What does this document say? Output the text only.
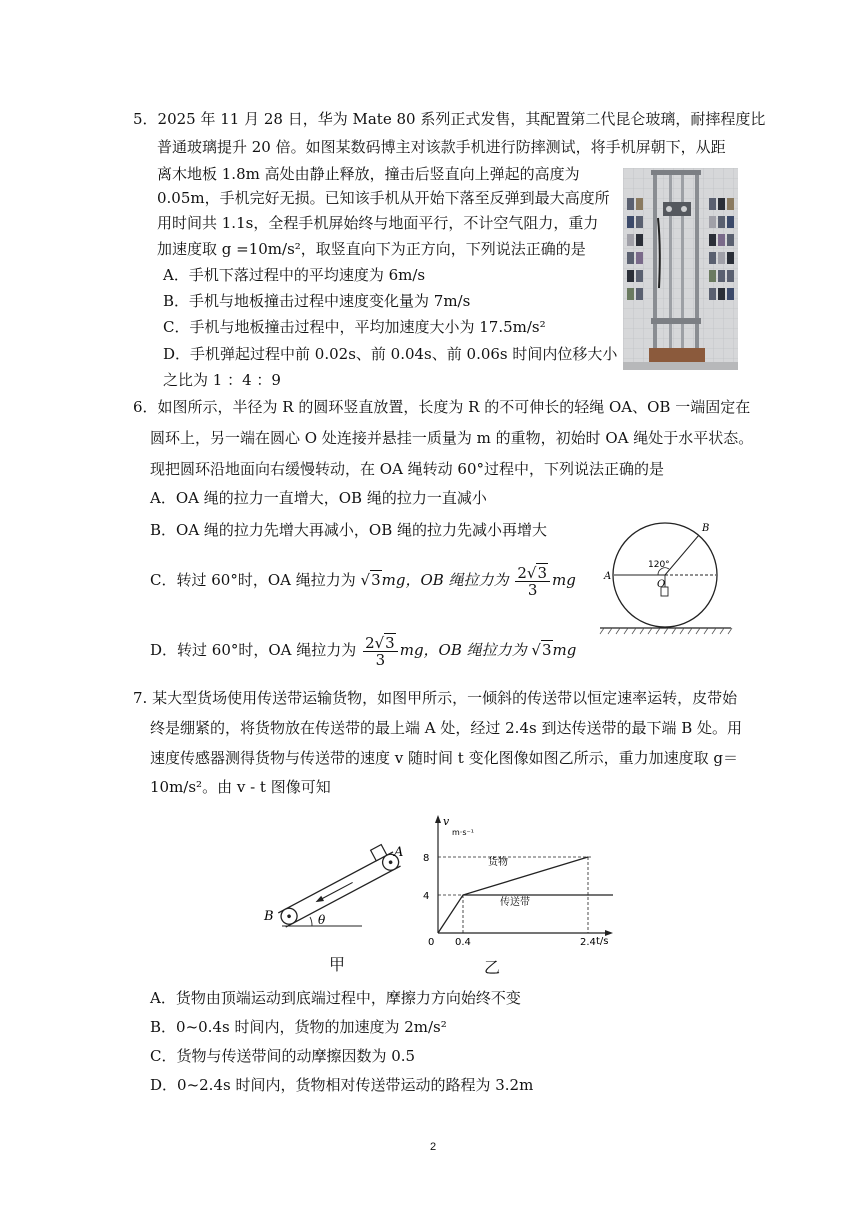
5．2025 年 11 月 28 日，华为 Mate 80 系列正式发售，其配置第二代昆仑玻璃，耐摔程度比
普通玻璃提升 20 倍。如图某数码博主对该款手机进行防摔测试，将手机屏朝下，从距
离木地板 1.8m 高处由静止释放，撞击后竖直向上弹起的高度为
0.05m，手机完好无损。已知该手机从开始下落至反弹到最大高度所
用时间共 1.1s，全程手机屏始终与地面平行，不计空气阻力，重力
加速度取 g =10m/s²，取竖直向下为正方向，下列说法正确的是
A．手机下落过程中的平均速度为 6m/s
B．手机与地板撞击过程中速度变化量为 7m/s
C．手机与地板撞击过程中，平均加速度大小为 17.5m/s²
D．手机弹起过程中前 0.02s、前 0.04s、前 0.06s 时间内位移大小
之比为 1 ：4 ：9
6．如图所示，半径为 R 的圆环竖直放置，长度为 R 的不可伸长的轻绳 OA、OB 一端固定在
圆环上，另一端在圆心 O 处连接并悬挂一质量为 m 的重物，初始时 OA 绳处于水平状态。
现把圆环沿地面向右缓慢转动，在 OA 绳转动 60°过程中，下列说法正确的是
A．OA 绳的拉力一直增大，OB 绳的拉力一直减小
B．OA 绳的拉力先增大再减小，OB 绳的拉力先减小再增大
C．转过 60°时，OA 绳拉力为 √3mg，OB 绳拉力为 $\frac{2√3}{3}$ mg
D．转过 60°时，OA 绳拉力为 $\frac{2√3}{3}$ mg，OB 绳拉力为 √3mg
A
B
O
120°
7. 某大型货场使用传送带运输货物，如图甲所示，一倾斜的传送带以恒定速率运转，皮带始
终是绷紧的，将货物放在传送带的最上端 A 处，经过 2.4s 到达传送带的最下端 B 处。用
速度传感器测得货物与传送带的速度 v 随时间 t 变化图像如图乙所示，重力加速度取 g＝
10m/s²。由 v - t 图像可知
B
A
θ
甲
货物
传送带
v
m·s⁻¹
t/s
0 0.4	2.4
4
8
乙
A．货物由顶端运动到底端过程中，摩擦力方向始终不变
B．0~0.4s 时间内，货物的加速度为 2m/s²
C．货物与传送带间的动摩擦因数为 0.5
D．0~2.4s 时间内，货物相对传送带运动的路程为 3.2m
2
